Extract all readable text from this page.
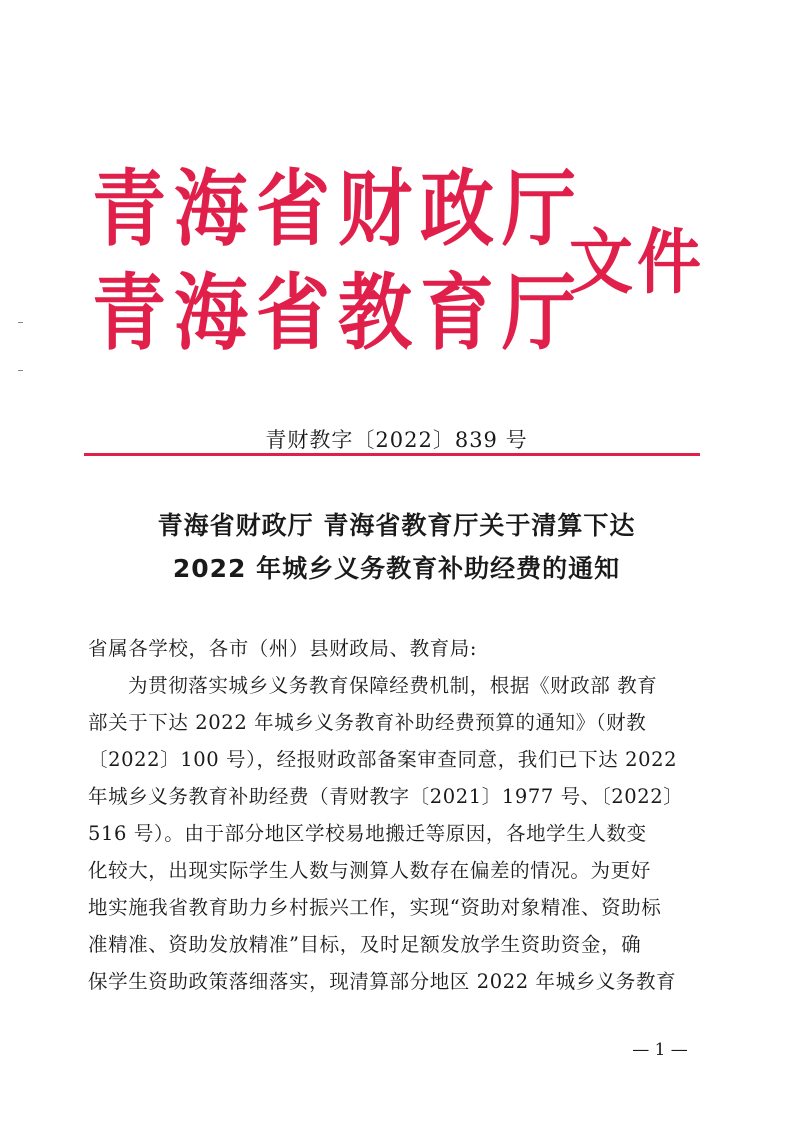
青海省财政厅
青海省教育厅
文件
青财教字〔2022〕839 号
青海省财政厅 青海省教育厅关于清算下达
2022 年城乡义务教育补助经费的通知

省属各学校，各市（州）县财政局、教育局:

为贯彻落实城乡义务教育保障经费机制，根据《财政部 教育

部关于下达 2022 年城乡义务教育补助经费预算的通知》（财教

〔2022〕100 号），经报财政部备案审查同意，我们已下达 2022

年城乡义务教育补助经费（青财教字〔2021〕1977 号、〔2022〕

516 号）。由于部分地区学校易地搬迁等原因，各地学生人数变

化较大，出现实际学生人数与测算人数存在偏差的情况。为更好

地实施我省教育助力乡村振兴工作，实现“资助对象精准、资助标

准精准、资助发放精准”目标，及时足额发放学生资助资金，确

保学生资助政策落细落实，现清算部分地区 2022 年城乡义务教育

— 1 —
